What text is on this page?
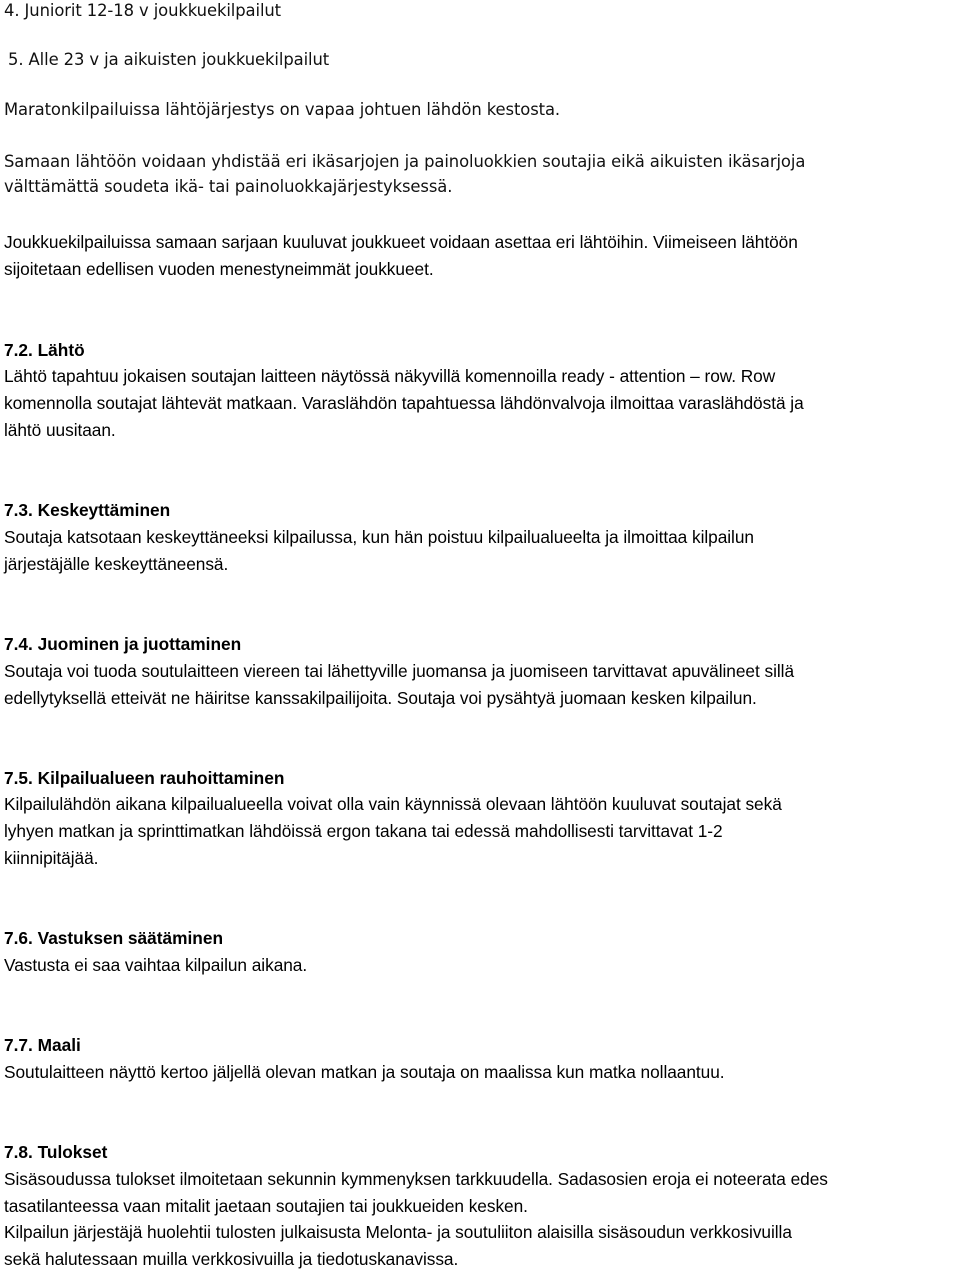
4. Juniorit 12-18 v joukkuekilpailut
5. Alle 23 v ja aikuisten joukkuekilpailut
Maratonkilpailuissa lähtöjärjestys on vapaa johtuen lähdön kestosta.
Samaan lähtöön voidaan yhdistää eri ikäsarjojen ja painoluokkien soutajia eikä aikuisten ikäsarjoja
välttämättä soudeta ikä- tai painoluokkajärjestyksessä.
Joukkuekilpailuissa samaan sarjaan kuuluvat joukkueet voidaan asettaa eri lähtöihin. Viimeiseen lähtöön
sijoitetaan edellisen vuoden menestyneimmät joukkueet.
7.2. Lähtö
Lähtö tapahtuu jokaisen soutajan laitteen näytössä näkyvillä komennoilla ready - attention – row. Row
komennolla soutajat lähtevät matkaan. Varaslähdön tapahtuessa lähdönvalvoja ilmoittaa varaslähdöstä ja
lähtö uusitaan.
7.3. Keskeyttäminen
Soutaja katsotaan keskeyttäneeksi kilpailussa, kun hän poistuu kilpailualueelta ja ilmoittaa kilpailun
järjestäjälle keskeyttäneensä.
7.4. Juominen ja juottaminen
Soutaja voi tuoda soutulaitteen viereen tai lähettyville juomansa ja juomiseen tarvittavat apuvälineet sillä
edellytyksellä etteivät ne häiritse kanssakilpailijoita. Soutaja voi pysähtyä juomaan kesken kilpailun.
7.5. Kilpailualueen rauhoittaminen
Kilpailulähdön aikana kilpailualueella voivat olla vain käynnissä olevaan lähtöön kuuluvat soutajat sekä
lyhyen matkan ja sprinttimatkan lähdöissä ergon takana tai edessä mahdollisesti tarvittavat 1-2
kiinnipitäjää.
7.6. Vastuksen säätäminen
Vastusta ei saa vaihtaa kilpailun aikana.
7.7. Maali
Soutulaitteen näyttö kertoo jäljellä olevan matkan ja soutaja on maalissa kun matka nollaantuu.
7.8. Tulokset
Sisäsoudussa tulokset ilmoitetaan sekunnin kymmenyksen tarkkuudella. Sadasosien eroja ei noteerata edes
tasatilanteessa vaan mitalit jaetaan soutajien tai joukkueiden kesken.
Kilpailun järjestäjä huolehtii tulosten julkaisusta Melonta- ja soutuliiton alaisilla sisäsoudun verkkosivuilla
sekä halutessaan muilla verkkosivuilla ja tiedotuskanavissa.
